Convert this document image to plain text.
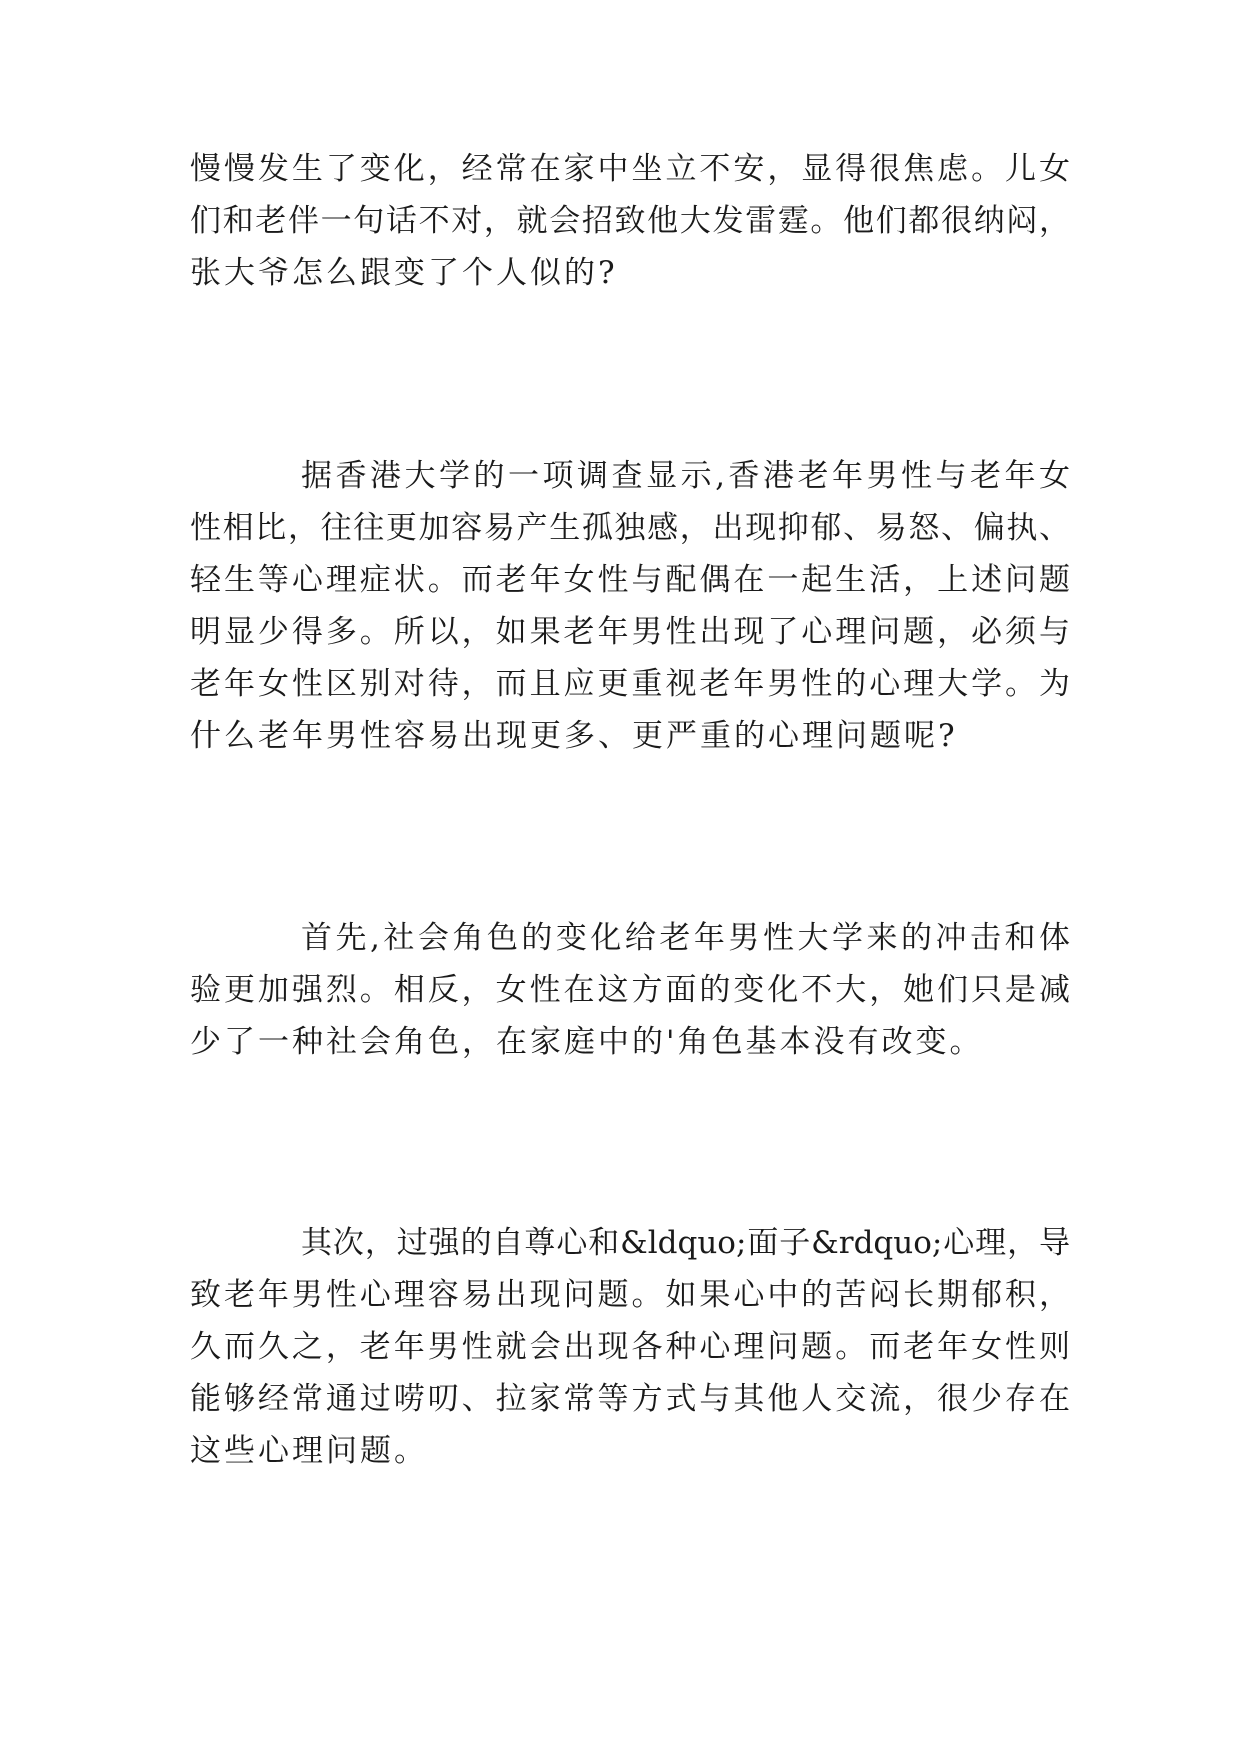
慢慢发生了变化，经常在家中坐立不安，显得很焦虑。儿女
们和老伴一句话不对，就会招致他大发雷霆。他们都很纳闷，
张大爷怎么跟变了个人似的?
据香港大学的一项调查显示,香港老年男性与老年女
性相比，往往更加容易产生孤独感，出现抑郁、易怒、偏执、
轻生等心理症状。而老年女性与配偶在一起生活，上述问题
明显少得多。所以，如果老年男性出现了心理问题，必须与
老年女性区别对待，而且应更重视老年男性的心理大学。为
什么老年男性容易出现更多、更严重的心理问题呢?
首先,社会角色的变化给老年男性大学来的冲击和体
验更加强烈。相反，女性在这方面的变化不大，她们只是减
少了一种社会角色，在家庭中的'角色基本没有改变。
其次，过强的自尊心和&ldquo;面子&rdquo;心理，导
致老年男性心理容易出现问题。如果心中的苦闷长期郁积，
久而久之，老年男性就会出现各种心理问题。而老年女性则
能够经常通过唠叨、拉家常等方式与其他人交流，很少存在
这些心理问题。
